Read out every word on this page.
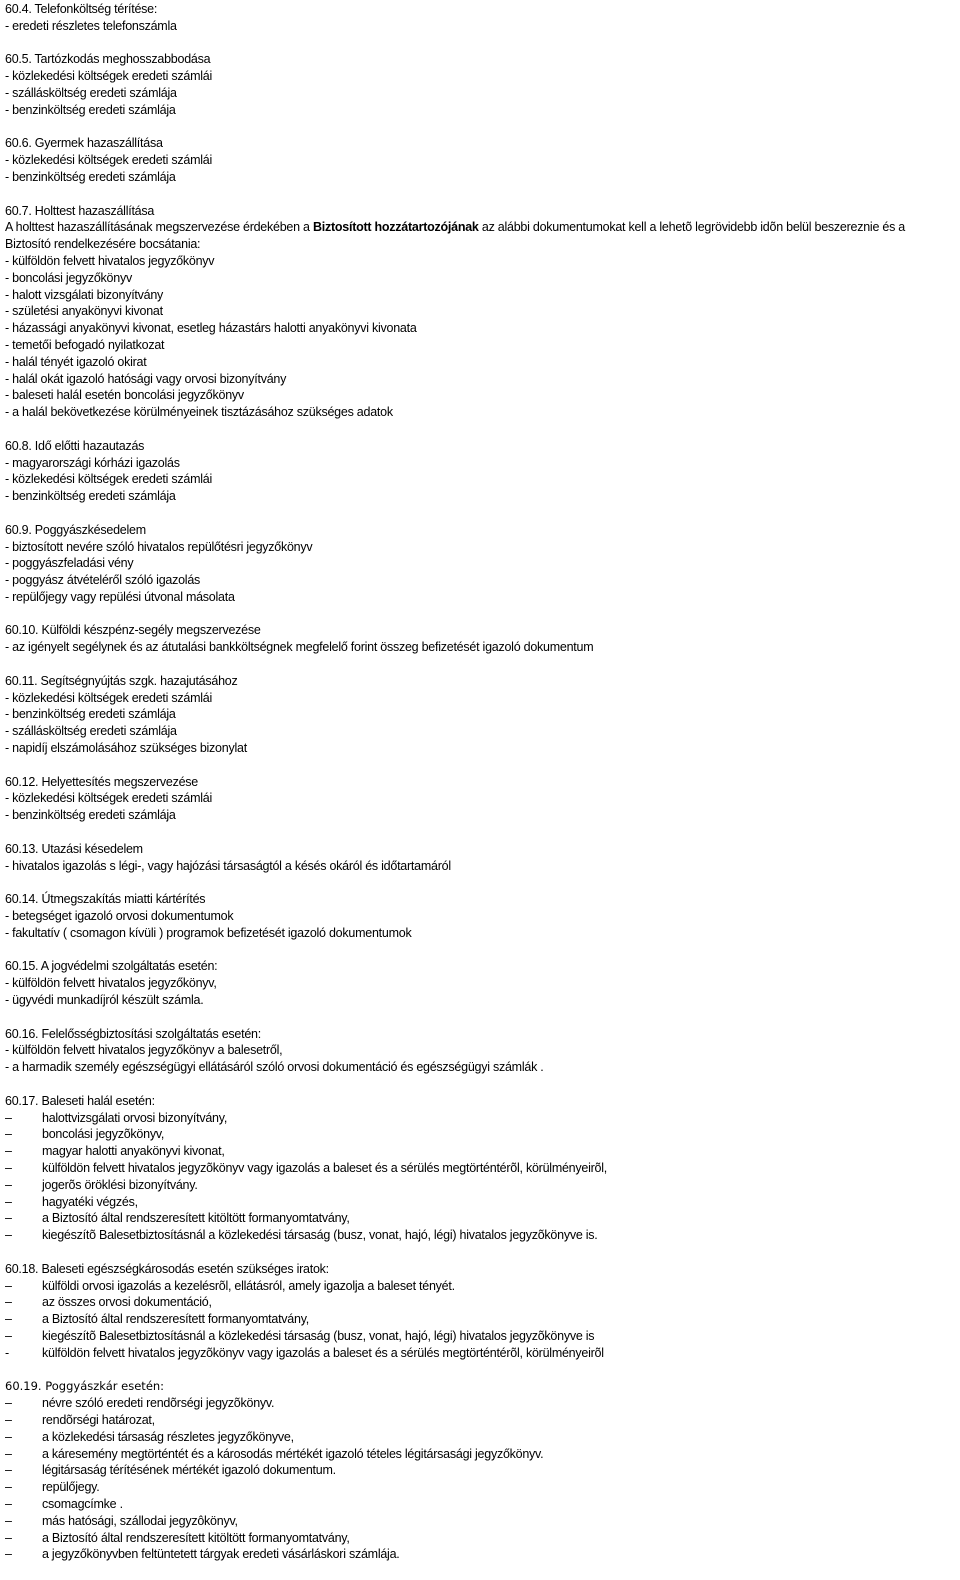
60.4. Telefonköltség térítése:
- eredeti részletes telefonszámla
60.5. Tartózkodás meghosszabbodása
- közlekedési költségek eredeti számlái
- szállásköltség eredeti számlája
- benzinköltség eredeti számlája
60.6. Gyermek hazaszállítása
- közlekedési költségek eredeti számlái
- benzinköltség eredeti számlája
60.7. Holttest hazaszállítása
A holttest hazaszállításának megszervezése érdekében a Biztosított hozzátartozójának az alábbi dokumentumokat kell a lehetõ legrövidebb idõn belül beszereznie és a Biztosító rendelkezésére bocsátania:
- külföldön felvett hivatalos jegyzőkönyv
- boncolási jegyzőkönyv
- halott vizsgálati bizonyítvány
- születési anyakönyvi kivonat
- házassági anyakönyvi kivonat, esetleg házastárs halotti anyakönyvi kivonata
- temetői befogadó nyilatkozat
- halál tényét igazoló okirat
- halál okát igazoló hatósági vagy orvosi bizonyítvány
- baleseti halál esetén boncolási jegyzőkönyv
- a halál bekövetkezése körülményeinek tisztázásához szükséges adatok
60.8. Idő előtti hazautazás
- magyarországi kórházi igazolás
- közlekedési költségek eredeti számlái
- benzinköltség eredeti számlája
60.9. Poggyászkésedelem
- biztosított nevére szóló hivatalos repülőtésri jegyzőkönyv
- poggyászfeladási vény
- poggyász átvételéről szóló igazolás
- repülőjegy vagy repülési útvonal másolata
60.10. Külföldi készpénz-segély megszervezése
- az igényelt segélynek és az átutalási bankköltségnek megfelelő forint összeg befizetését igazoló dokumentum
60.11. Segítségnyújtás szgk. hazajutásához
- közlekedési költségek eredeti számlái
- benzinköltség eredeti számlája
- szállásköltség eredeti számlája
- napidíj elszámolásához szükséges bizonylat
60.12. Helyettesítés megszervezése
- közlekedési költségek eredeti számlái
- benzinköltség eredeti számlája
60.13. Utazási késedelem
- hivatalos igazolás s légi-, vagy hajózási társaságtól a késés okáról és időtartamáról
60.14. Útmegszakítás miatti kártérítés
- betegséget igazoló orvosi dokumentumok
- fakultatív ( csomagon kívüli ) programok befizetését igazoló dokumentumok
60.15. A jogvédelmi szolgáltatás esetén:
- külföldön felvett hivatalos jegyzőkönyv,
- ügyvédi munkadíjról készült számla.
60.16. Felelősségbiztosítási szolgáltatás esetén:
- külföldön felvett hivatalos jegyzőkönyv a balesetről,
- a harmadik személy egészségügyi ellátásáról szóló orvosi dokumentáció és egészségügyi számlák .
60.17. Baleseti halál esetén:
– halottvizsgálati orvosi bizonyítvány,
– boncolási jegyzõkönyv,
– magyar halotti anyakönyvi kivonat,
– külföldön felvett hivatalos jegyzõkönyv vagy igazolás a baleset és a sérülés megtörténtérõl, körülményeirõl,
– jogerõs öröklési bizonyítvány.
– hagyatéki végzés,
– a Biztosító által rendszeresített kitöltött formanyomtatvány,
– kiegészítõ Balesetbiztosításnál a közlekedési társaság (busz, vonat, hajó, légi) hivatalos jegyzõkönyve is.
60.18. Baleseti egészségkárosodás esetén szükséges iratok:
– külföldi orvosi igazolás a kezelésrõl, ellátásról, amely igazolja a baleset tényét.
– az összes orvosi dokumentáció,
– a Biztosító által rendszeresített formanyomtatvány,
– kiegészítõ Balesetbiztosításnál a közlekedési társaság (busz, vonat, hajó, légi) hivatalos jegyzõkönyve is
-	külföldön felvett hivatalos jegyzõkönyv vagy igazolás a baleset és a sérülés megtörténtérõl, körülményeirõl
60.19. Poggyászkár esetén:
– névre szóló eredeti rendõrségi jegyzõkönyv.
– rendõrségi határozat,
– a közlekedési társaság részletes jegyzőkönyve,
– a káresemény megtörténtét és a károsodás mértékét igazoló tételes légitársasági jegyzőkönyv.
– légitársaság térítésének mértékét igazoló dokumentum.
– repülőjegy.
– csomagcímke .
– más hatósági, szállodai jegyzôkönyv,
– a Biztosító által rendszeresített kitöltött formanyomtatvány,
– a jegyzőkönyvben feltüntetett tárgyak eredeti vásárláskori számlája.
